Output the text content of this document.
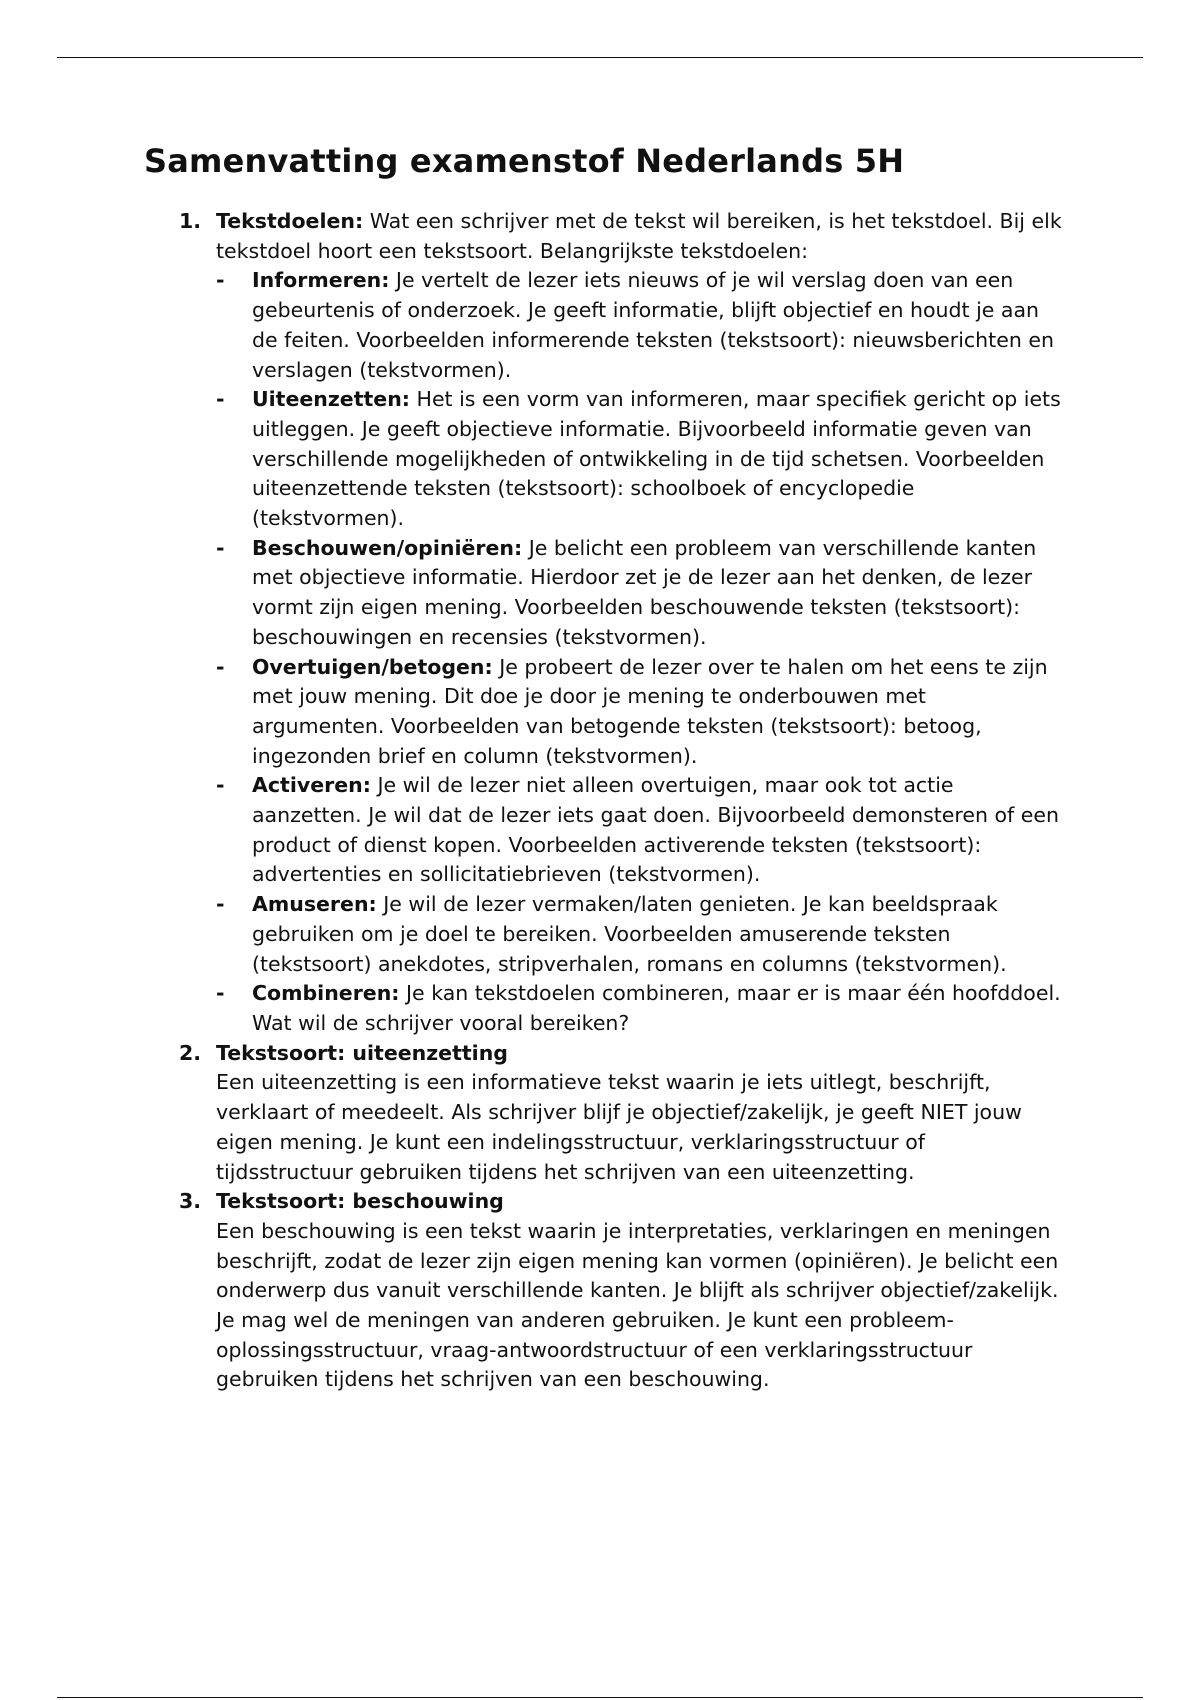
Samenvatting examenstof Nederlands 5H
1. Tekstdoelen: Wat een schrijver met de tekst wil bereiken, is het tekstdoel. Bij elk tekstdoel hoort een tekstsoort. Belangrijkste tekstdoelen:
- Informeren: Je vertelt de lezer iets nieuws of je wil verslag doen van een gebeurtenis of onderzoek. Je geeft informatie, blijft objectief en houdt je aan de feiten. Voorbeelden informerende teksten (tekstsoort): nieuwsberichten en verslagen (tekstvormen).
- Uiteenzetten: Het is een vorm van informeren, maar specifiek gericht op iets uitleggen. Je geeft objectieve informatie. Bijvoorbeeld informatie geven van verschillende mogelijkheden of ontwikkeling in de tijd schetsen. Voorbeelden uiteenzettende teksten (tekstsoort): schoolboek of encyclopedie (tekstvormen).
- Beschouwen/opiniëren: Je belicht een probleem van verschillende kanten met objectieve informatie. Hierdoor zet je de lezer aan het denken, de lezer vormt zijn eigen mening. Voorbeelden beschouwende teksten (tekstsoort): beschouwingen en recensies (tekstvormen).
- Overtuigen/betogen: Je probeert de lezer over te halen om het eens te zijn met jouw mening. Dit doe je door je mening te onderbouwen met argumenten. Voorbeelden van betogende teksten (tekstsoort): betoog, ingezonden brief en column (tekstvormen).
- Activeren: Je wil de lezer niet alleen overtuigen, maar ook tot actie aanzetten. Je wil dat de lezer iets gaat doen. Bijvoorbeeld demonsteren of een product of dienst kopen. Voorbeelden activerende teksten (tekstsoort): advertenties en sollicitatiebrieven (tekstvormen).
- Amuseren: Je wil de lezer vermaken/laten genieten. Je kan beeldspraak gebruiken om je doel te bereiken. Voorbeelden amuserende teksten (tekstsoort) anekdotes, stripverhalen, romans en columns (tekstvormen).
- Combineren: Je kan tekstdoelen combineren, maar er is maar één hoofddoel. Wat wil de schrijver vooral bereiken?
2. Tekstsoort: uiteenzetting

Een uiteenzetting is een informatieve tekst waarin je iets uitlegt, beschrijft, verklaart of meedeelt. Als schrijver blijf je objectief/zakelijk, je geeft NIET jouw eigen mening. Je kunt een indelingsstructuur, verklaringsstructuur of tijdsstructuur gebruiken tijdens het schrijven van een uiteenzetting.

3. Tekstsoort: beschouwing

Een beschouwing is een tekst waarin je interpretaties, verklaringen en meningen beschrijft, zodat de lezer zijn eigen mening kan vormen (opiniëren). Je belicht een onderwerp dus vanuit verschillende kanten. Je blijft als schrijver objectief/zakelijk. Je mag wel de meningen van anderen gebruiken. Je kunt een probleem-oplossingsstructuur, vraag-antwoordstructuur of een verklaringsstructuur gebruiken tijdens het schrijven van een beschouwing.
